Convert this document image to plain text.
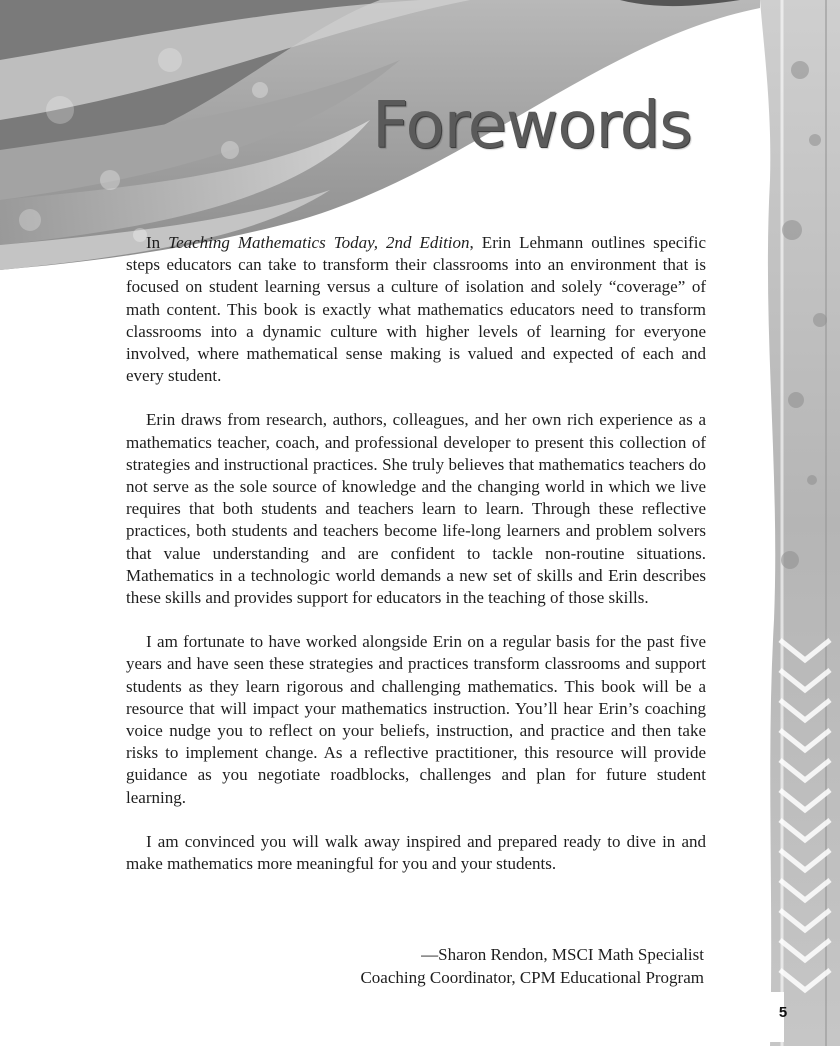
Forewords

In Teaching Mathematics Today, 2nd Edition, Erin Lehmann outlines specific steps educators can take to transform their classrooms into an environment that is focused on student learning versus a culture of isolation and solely “coverage” of math content. This book is exactly what mathematics educators need to transform classrooms into a dynamic culture with higher levels of learning for everyone involved, where mathematical sense making is valued and expected of each and every student.

Erin draws from research, authors, colleagues, and her own rich experience as a mathematics teacher, coach, and professional developer to present this collection of strategies and instructional practices. She truly believes that mathematics teachers do not serve as the sole source of knowledge and the changing world in which we live requires that both students and teachers learn to learn. Through these reflective practices, both students and teachers become life-long learners and problem solvers that value understanding and are confident to tackle non-routine situations. Mathematics in a technologic world demands a new set of skills and Erin describes these skills and provides support for educators in the teaching of those skills.

I am fortunate to have worked alongside Erin on a regular basis for the past five years and have seen these strategies and practices transform classrooms and support students as they learn rigorous and challenging mathematics. This book will be a resource that will impact your mathematics instruction. You’ll hear Erin’s coaching voice nudge you to reflect on your beliefs, instruction, and practice and then take risks to implement change. As a reflective practitioner, this resource will provide guidance as you negotiate roadblocks, challenges and plan for future student learning.

I am convinced you will walk away inspired and prepared ready to dive in and make mathematics more meaningful for you and your students.

—Sharon Rendon, MSCI Math Specialist
Coaching Coordinator, CPM Educational Program
5
